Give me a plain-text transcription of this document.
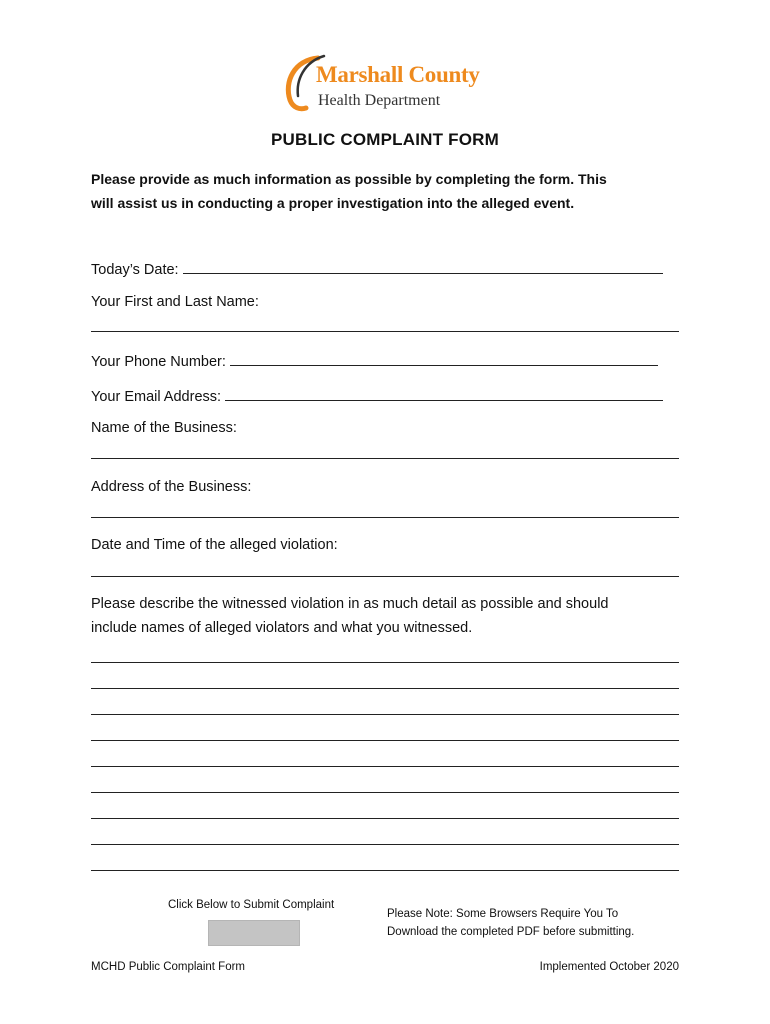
Marshall County
Health Department
PUBLIC COMPLAINT FORM
Please provide as much information as possible by completing the form. This
will assist us in conducting a proper investigation into the alleged event.
Today’s Date:
Your First and Last Name:
Your Phone Number:
Your Email Address:
Name of the Business:
Address of the Business:
Date and Time of the alleged violation:
Please describe the witnessed violation in as much detail as possible and should
include names of alleged violators and what you witnessed.
Click Below to Submit Complaint
Please Note: Some Browsers Require You To
Download the completed PDF before submitting.
MCHD Public Complaint Form	Implemented October 2020
